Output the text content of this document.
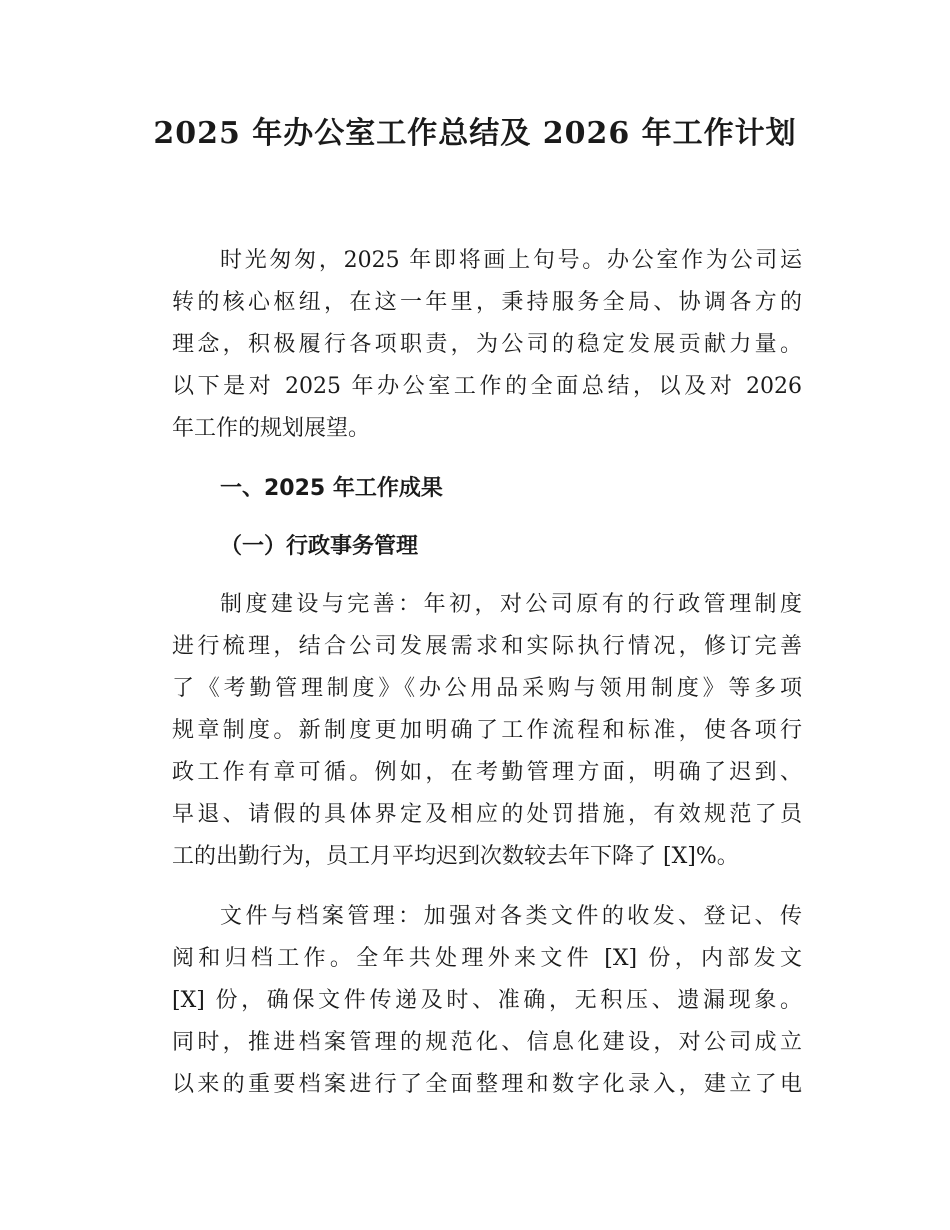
2025 年办公室工作总结及 2026 年工作计划
时光匆匆，2025 年即将画上句号。办公室作为公司运
转的核心枢纽，在这一年里，秉持服务全局、协调各方的
理念，积极履行各项职责，为公司的稳定发展贡献力量。
以下是对 2025 年办公室工作的全面总结，以及对 2026
年工作的规划展望。
一、2025 年工作成果
（一）行政事务管理
制度建设与完善：年初，对公司原有的行政管理制度
进行梳理，结合公司发展需求和实际执行情况，修订完善
了《考勤管理制度》《办公用品采购与领用制度》等多项
规章制度。新制度更加明确了工作流程和标准，使各项行
政工作有章可循。例如，在考勤管理方面，明确了迟到、
早退、请假的具体界定及相应的处罚措施，有效规范了员
工的出勤行为，员工月平均迟到次数较去年下降了 [X]%。
文件与档案管理：加强对各类文件的收发、登记、传
阅和归档工作。全年共处理外来文件 [X] 份，内部发文
[X] 份，确保文件传递及时、准确，无积压、遗漏现象。
同时，推进档案管理的规范化、信息化建设，对公司成立
以来的重要档案进行了全面整理和数字化录入，建立了电
